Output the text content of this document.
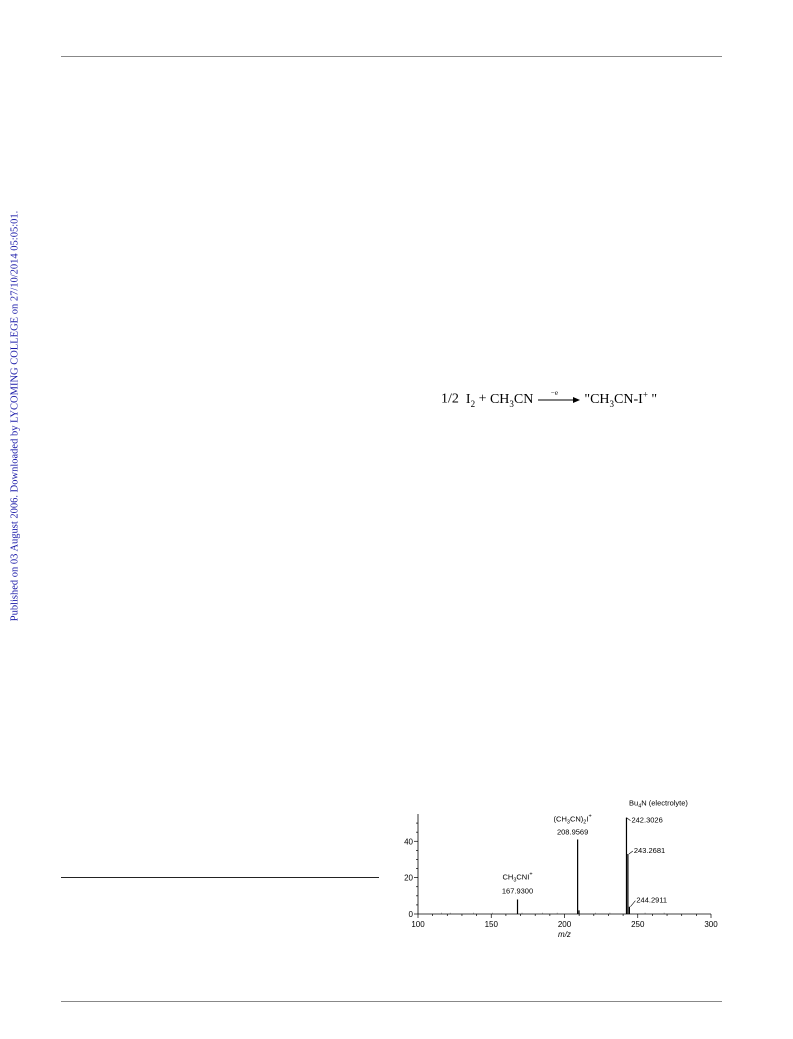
Published on 03 August 2006. Downloaded by LYCOMING COLLEGE on 27/10/2014 05:05:01.	1/2 $I_2 + CH_3CN$	−e "$CH_3CN-I^+$ "
100	150	200	250	300
0
20
40
m/z
$CH_3CNI^+$
167.9300
$(CH_3CN)_2I^+$
208.9569
$Bu_4N$ (electrolyte)
242.3026
243.2681
244.2911
